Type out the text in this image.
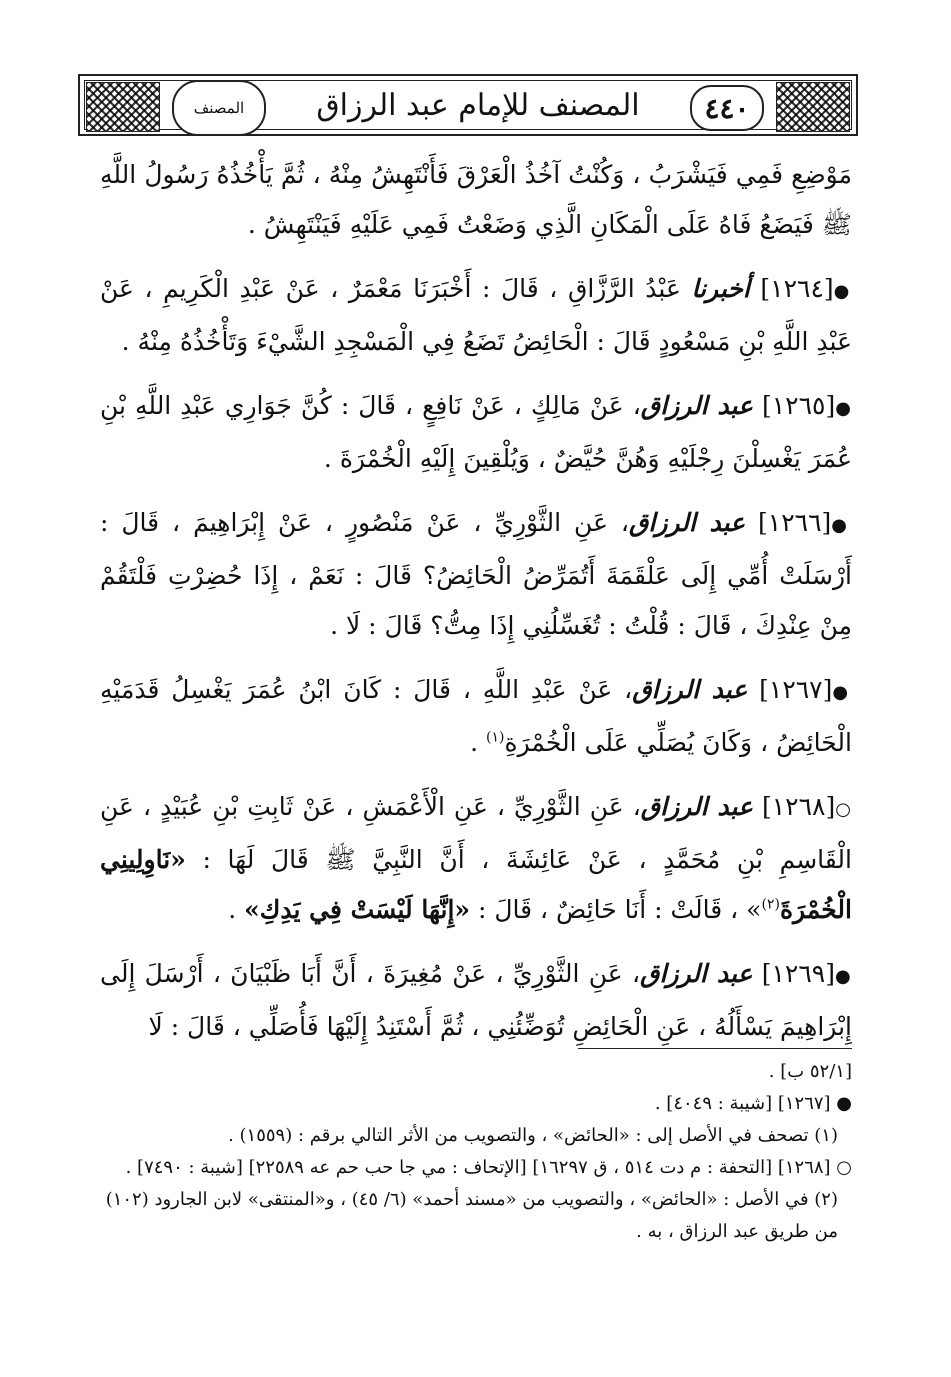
المصنف	المصنف للإمام عبد الرزاق	٤٤٠

مَوْضِعِ فَمِي فَيَشْرَبُ ، وَكُنْتُ آخُذُ الْعَرْقَ فَأَنْتَهِشُ مِنْهُ ، ثُمَّ يَأْخُذُهُ رَسُولُ اللَّهِ ﷺ فَيَضَعُ فَاهُ عَلَى الْمَكَانِ الَّذِي وَضَعْتُ فَمِي عَلَيْهِ فَيَنْتَهِشُ .

●[١٢٦٤] أخبرنا عَبْدُ الرَّزَّاقِ ، قَالَ : أَخْبَرَنَا مَعْمَرٌ ، عَنْ عَبْدِ الْكَرِيمِ ، عَنْ عَبْدِ اللَّهِ بْنِ مَسْعُودٍ قَالَ : الْحَائِضُ تَضَعُ فِي الْمَسْجِدِ الشَّيْءَ وَتَأْخُذُهُ مِنْهُ .

●[١٢٦٥] عبد الرزاق، عَنْ مَالِكٍ ، عَنْ نَافِعٍ ، قَالَ : كُنَّ جَوَارِي عَبْدِ اللَّهِ بْنِ عُمَرَ يَغْسِلْنَ رِجْلَيْهِ وَهُنَّ حُيَّضٌ ، وَيُلْقِينَ إِلَيْهِ الْخُمْرَةَ .

●[١٢٦٦] عبد الرزاق، عَنِ الثَّوْرِيِّ ، عَنْ مَنْصُورٍ ، عَنْ إِبْرَاهِيمَ ، قَالَ : أَرْسَلَتْ أُمِّي إِلَى عَلْقَمَةَ أَتُمَرِّضُ الْحَائِضُ؟ قَالَ : نَعَمْ ، إِذَا حُضِرْتِ فَلْتَقُمْ مِنْ عِنْدِكَ ، قَالَ : قُلْتُ : تُغَسِّلُنِي إِذَا مِتُّ؟ قَالَ : لَا .

●[١٢٦٧] عبد الرزاق، عَنْ عَبْدِ اللَّهِ ، قَالَ : كَانَ ابْنُ عُمَرَ يَغْسِلُ قَدَمَيْهِ الْحَائِضُ ، وَكَانَ يُصَلِّي عَلَى الْخُمْرَةِ$^{(١)}$ .

○[١٢٦٨] عبد الرزاق، عَنِ الثَّوْرِيِّ ، عَنِ الْأَعْمَشِ ، عَنْ ثَابِتِ بْنِ عُبَيْدٍ ، عَنِ الْقَاسِمِ بْنِ مُحَمَّدٍ ، عَنْ عَائِشَةَ ، أَنَّ النَّبِيَّ ﷺ قَالَ لَهَا : «نَاوِلِينِي الْخُمْرَةَ$^{(٢)}$» ، قَالَتْ : أَنَا حَائِضٌ ، قَالَ : «إِنَّهَا لَيْسَتْ فِي يَدِكِ» .

●[١٢٦٩] عبد الرزاق، عَنِ الثَّوْرِيِّ ، عَنْ مُغِيرَةَ ، أَنَّ أَبَا ظَبْيَانَ ، أَرْسَلَ إِلَى إِبْرَاهِيمَ يَسْأَلُهُ ، عَنِ الْحَائِضِ تُوَضِّئُنِي ، ثُمَّ أَسْتَنِدُ إِلَيْهَا فَأُصَلِّي ، قَالَ : لَا

[٥٢/١ ب] .

● [١٢٦٧] [شيبة : ٤٠٤٩] .

(١) تصحف في الأصل إلى : «الحائض» ، والتصويب من الأثر التالي برقم : (١٥٥٩) .

○ [١٢٦٨] [التحفة : م دت ٥١٤ ، ق ١٦٢٩٧] [الإتحاف : مي جا حب حم عه ٢٢٥٨٩] [شيبة : ٧٤٩٠] .

(٢) في الأصل : «الحائض» ، والتصويب من «مسند أحمد» (٦/ ٤٥) ، و«المنتقى» لابن الجارود (١٠٢) من طريق عبد الرزاق ، به .
